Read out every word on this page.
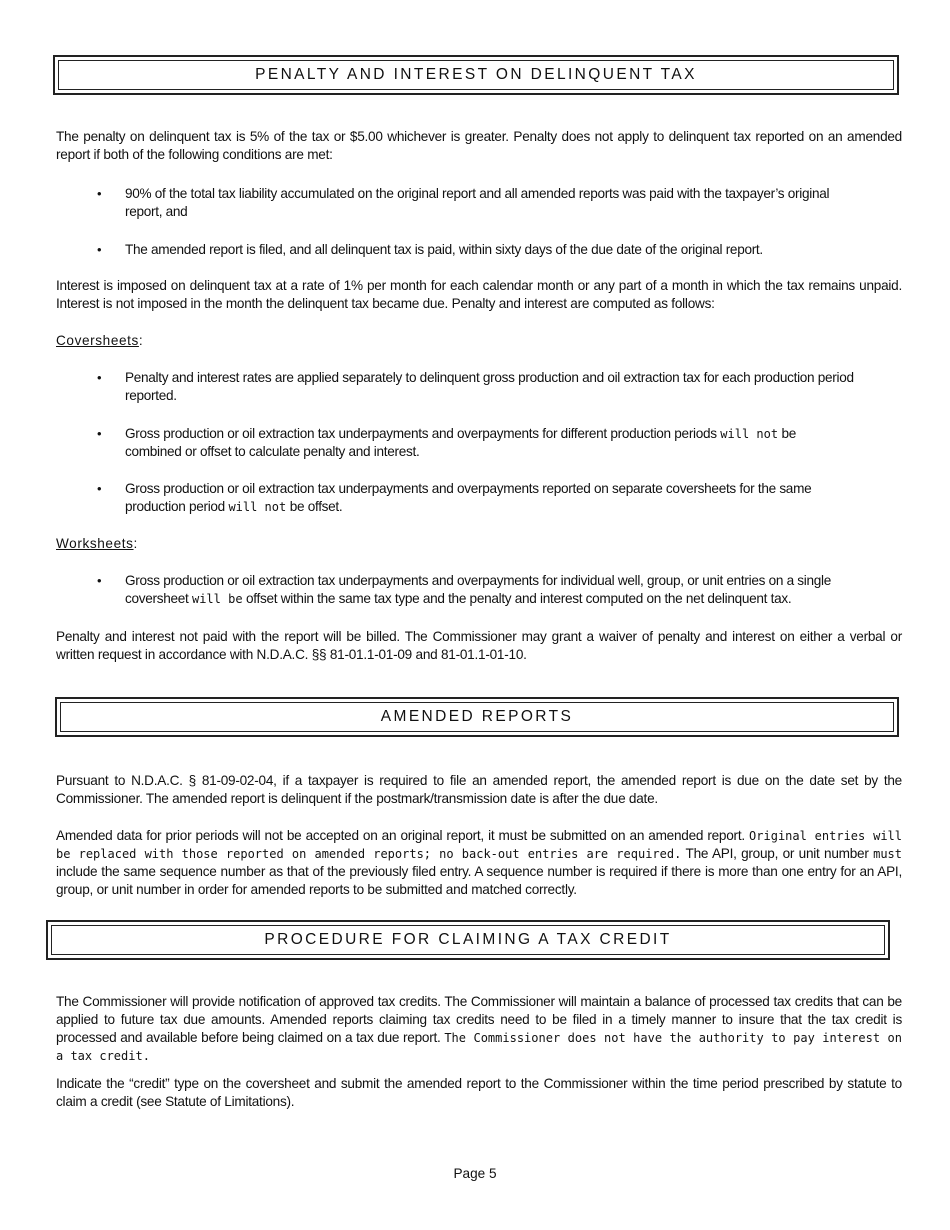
PENALTY AND INTEREST ON DELINQUENT TAX

The penalty on delinquent tax is 5% of the tax or $5.00 whichever is greater. Penalty does not apply to delinquent tax reported on an amended report if both of the following conditions are met:

• 90% of the total tax liability accumulated on the original report and all amended reports was paid with the taxpayer’s original report, and

• The amended report is filed, and all delinquent tax is paid, within sixty days of the due date of the original report.

Interest is imposed on delinquent tax at a rate of 1% per month for each calendar month or any part of a month in which the tax remains unpaid. Interest is not imposed in the month the delinquent tax became due. Penalty and interest are computed as follows:

Coversheets:
• Penalty and interest rates are applied separately to delinquent gross production and oil extraction tax for each production period reported.

• Gross production or oil extraction tax underpayments and overpayments for different production periods will not be combined or offset to calculate penalty and interest.

• Gross production or oil extraction tax underpayments and overpayments reported on separate coversheets for the same production period will not be offset.

Worksheets:
• Gross production or oil extraction tax underpayments and overpayments for individual well, group, or unit entries on a single coversheet will be offset within the same tax type and the penalty and interest computed on the net delinquent tax.

Penalty and interest not paid with the report will be billed. The Commissioner may grant a waiver of penalty and interest on either a verbal or written request in accordance with N.D.A.C. §§ 81-01.1-01-09 and 81-01.1-01-10.

AMENDED REPORTS

Pursuant to N.D.A.C. § 81-09-02-04, if a taxpayer is required to file an amended report, the amended report is due on the date set by the Commissioner. The amended report is delinquent if the postmark/transmission date is after the due date.

Amended data for prior periods will not be accepted on an original report, it must be submitted on an amended report. Original entries will be replaced with those reported on amended reports; no back-out entries are required. The API, group, or unit number must include the same sequence number as that of the previously filed entry. A sequence number is required if there is more than one entry for an API, group, or unit number in order for amended reports to be submitted and matched correctly.

PROCEDURE FOR CLAIMING A TAX CREDIT

The Commissioner will provide notification of approved tax credits. The Commissioner will maintain a balance of processed tax credits that can be applied to future tax due amounts. Amended reports claiming tax credits need to be filed in a timely manner to insure that the tax credit is processed and available before being claimed on a tax due report. The Commissioner does not have the authority to pay interest on a tax credit.

Indicate the “credit” type on the coversheet and submit the amended report to the Commissioner within the time period prescribed by statute to claim a credit (see Statute of Limitations).

Page 5
